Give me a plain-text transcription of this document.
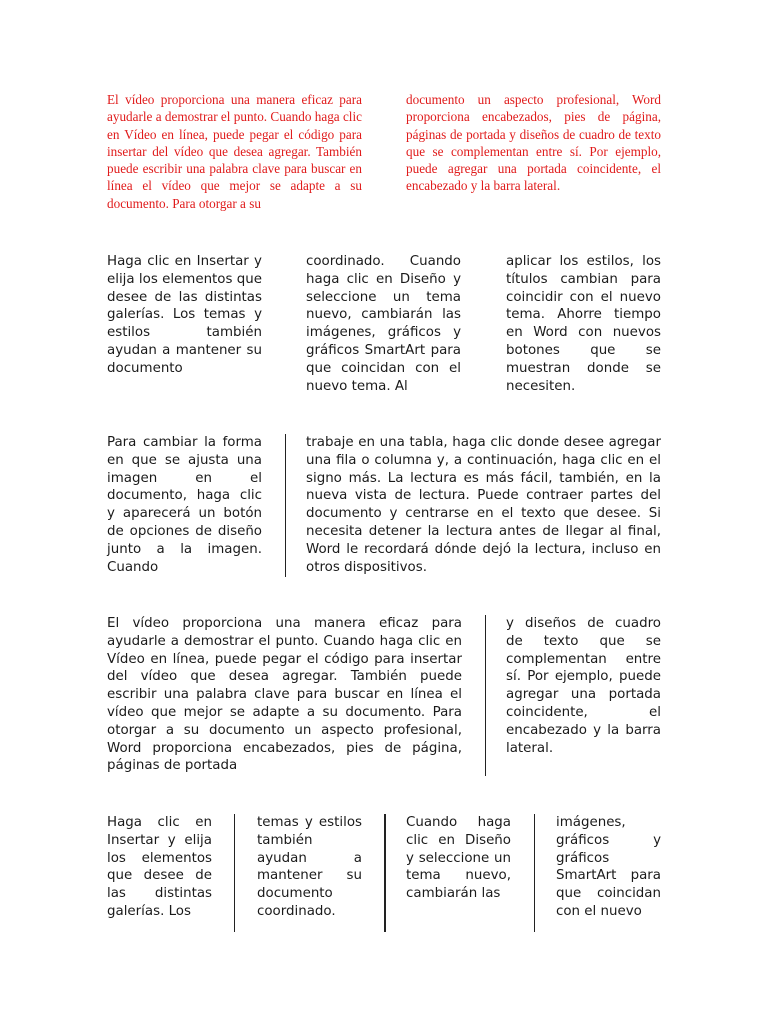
El vídeo proporciona una manera eficaz para ayudarle a demostrar el punto. Cuando haga clic en Vídeo en línea, puede pegar el código para insertar del vídeo que desea agregar. También puede escribir una palabra clave para buscar en línea el vídeo que mejor se adapte a su documento. Para otorgar a su

documento un aspecto profesional, Word proporciona encabezados, pies de página, páginas de portada y diseños de cuadro de texto que se complementan entre sí. Por ejemplo, puede agregar una portada coincidente, el encabezado y la barra lateral.

Haga clic en Insertar y elija los elementos que desee de las distintas galerías. Los temas y estilos también ayudan a mantener su documento

coordinado. Cuando haga clic en Diseño y seleccione un tema nuevo, cambiarán las imágenes, gráficos y gráficos SmartArt para que coincidan con el nuevo tema. Al

aplicar los estilos, los títulos cambian para coincidir con el nuevo tema. Ahorre tiempo en Word con nuevos botones que se muestran donde se necesiten.

Para cambiar la forma en que se ajusta una imagen en el documento, haga clic y aparecerá un botón de opciones de diseño junto a la imagen. Cuando

trabaje en una tabla, haga clic donde desee agregar una fila o columna y, a continuación, haga clic en el signo más. La lectura es más fácil, también, en la nueva vista de lectura. Puede contraer partes del documento y centrarse en el texto que desee. Si necesita detener la lectura antes de llegar al final, Word le recordará dónde dejó la lectura, incluso en otros dispositivos.

El vídeo proporciona una manera eficaz para ayudarle a demostrar el punto. Cuando haga clic en Vídeo en línea, puede pegar el código para insertar del vídeo que desea agregar. También puede escribir una palabra clave para buscar en línea el vídeo que mejor se adapte a su documento. Para otorgar a su documento un aspecto profesional, Word proporciona encabezados, pies de página, páginas de portada

y diseños de cuadro de texto que se complementan entre sí. Por ejemplo, puede agregar una portada coincidente, el encabezado y la barra lateral.

Haga clic en Insertar y elija los elementos que desee de las distintas galerías. Los

temas y estilos también ayudan a mantener su documento coordinado.

Cuando haga clic en Diseño y seleccione un tema nuevo, cambiarán las

imágenes, gráficos y gráficos SmartArt para que coincidan con el nuevo
